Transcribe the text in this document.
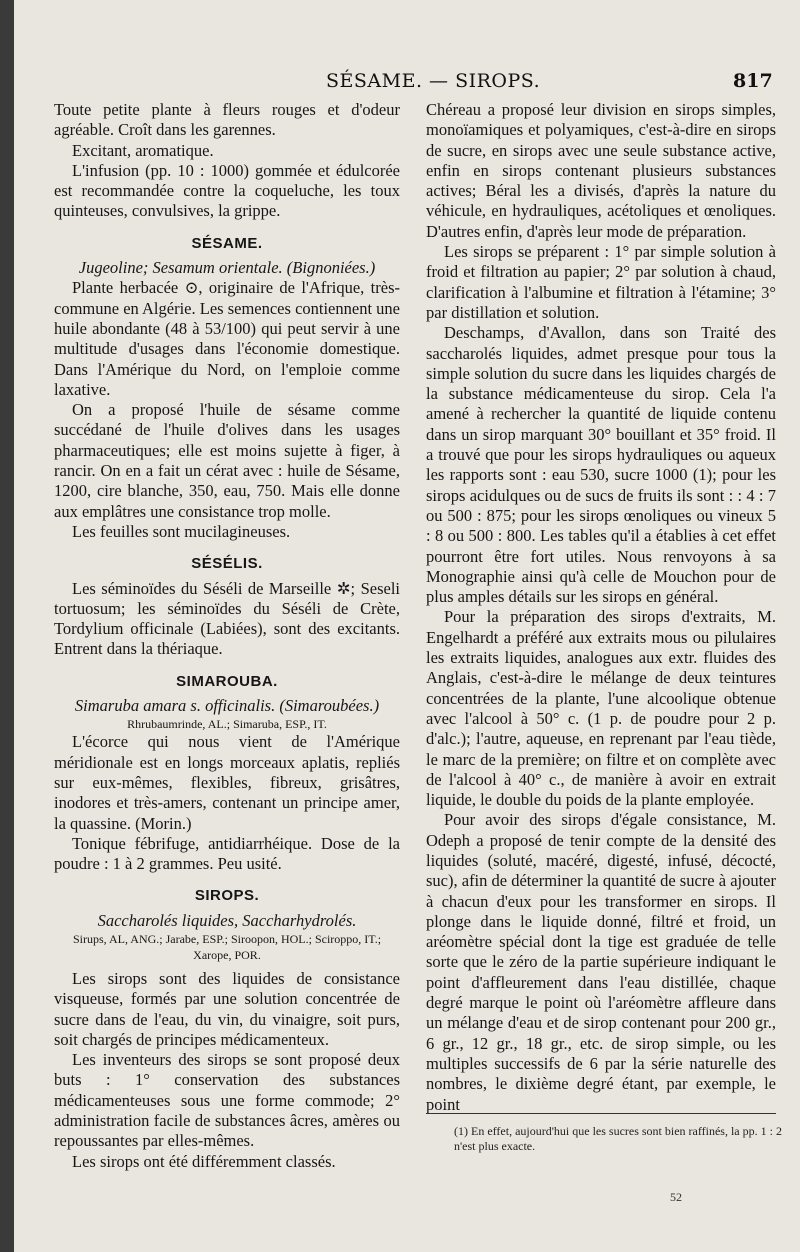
SÉSAME. — SIROPS.	817

Toute petite plante à fleurs rouges et d'odeur agréable. Croît dans les garennes.

Excitant, aromatique.

L'infusion (pp. 10 : 1000) gommée et édulcorée est recommandée contre la coqueluche, les toux quinteuses, convulsives, la grippe.

SÉSAME.

Jugeoline; Sesamum orientale. (Bignoniées.)

Plante herbacée ⊙, originaire de l'Afrique, très-commune en Algérie. Les semences contiennent une huile abondante (48 à 53/100) qui peut servir à une multitude d'usages dans l'économie domestique. Dans l'Amérique du Nord, on l'emploie comme laxative.

On a proposé l'huile de sésame comme succédané de l'huile d'olives dans les usages pharmaceutiques; elle est moins sujette à figer, à rancir. On en a fait un cérat avec : huile de Sésame, 1200, cire blanche, 350, eau, 750. Mais elle donne aux emplâtres une consistance trop molle.

Les feuilles sont mucilagineuses.

SÉSÉLIS.

Les séminoïdes du Séséli de Marseille ✲; Seseli tortuosum; les séminoïdes du Séséli de Crète, Tordylium officinale (Labiées), sont des excitants. Entrent dans la thériaque.

SIMAROUBA.

Simaruba amara s. officinalis. (Simaroubées.)

Rhrubaumrinde, AL.; Simaruba, ESP., IT.

L'écorce qui nous vient de l'Amérique méridionale est en longs morceaux aplatis, repliés sur eux-mêmes, flexibles, fibreux, grisâtres, inodores et très-amers, contenant un principe amer, la quassine. (Morin.)

Tonique fébrifuge, antidiarrhéique. Dose de la poudre : 1 à 2 grammes. Peu usité.

SIROPS.

Saccharolés liquides, Saccharhydrolés.

Sirups, AL, ANG.; Jarabe, ESP.; Siroopon, HOL.; Sciroppo, IT.; Xarope, POR.

Les sirops sont des liquides de consistance visqueuse, formés par une solution concentrée de sucre dans de l'eau, du vin, du vinaigre, soit purs, soit chargés de principes médicamenteux.

Les inventeurs des sirops se sont proposé deux buts : 1° conservation des substances médicamenteuses sous une forme commode; 2° administration facile de substances âcres, amères ou repoussantes par elles-mêmes.

Les sirops ont été différemment classés.

Chéreau a proposé leur division en sirops simples, monoïamiques et polyamiques, c'est-à-dire en sirops de sucre, en sirops avec une seule substance active, enfin en sirops contenant plusieurs substances actives; Béral les a divisés, d'après la nature du véhicule, en hydrauliques, acétoliques et œnoliques. D'autres enfin, d'après leur mode de préparation.

Les sirops se préparent : 1° par simple solution à froid et filtration au papier; 2° par solution à chaud, clarification à l'albumine et filtration à l'étamine; 3° par distillation et solution.

Deschamps, d'Avallon, dans son Traité des saccharolés liquides, admet presque pour tous la simple solution du sucre dans les liquides chargés de la substance médicamenteuse du sirop. Cela l'a amené à rechercher la quantité de liquide contenu dans un sirop marquant 30° bouillant et 35° froid. Il a trouvé que pour les sirops hydrauliques ou aqueux les rapports sont : eau 530, sucre 1000 (1); pour les sirops acidulques ou de sucs de fruits ils sont : : 4 : 7 ou 500 : 875; pour les sirops œnoliques ou vineux 5 : 8 ou 500 : 800. Les tables qu'il a établies à cet effet pourront être fort utiles. Nous renvoyons à sa Monographie ainsi qu'à celle de Mouchon pour de plus amples détails sur les sirops en général.

Pour la préparation des sirops d'extraits, M. Engelhardt a préféré aux extraits mous ou pilulaires les extraits liquides, analogues aux extr. fluides des Anglais, c'est-à-dire le mélange de deux teintures concentrées de la plante, l'une alcoolique obtenue avec l'alcool à 50° c. (1 p. de poudre pour 2 p. d'alc.); l'autre, aqueuse, en reprenant par l'eau tiède, le marc de la première; on filtre et on complète avec de l'alcool à 40° c., de manière à avoir en extrait liquide, le double du poids de la plante employée.

Pour avoir des sirops d'égale consistance, M. Odeph a proposé de tenir compte de la densité des liquides (soluté, macéré, digesté, infusé, décocté, suc), afin de déterminer la quantité de sucre à ajouter à chacun d'eux pour les transformer en sirops. Il plonge dans le liquide donné, filtré et froid, un aréomètre spécial dont la tige est graduée de telle sorte que le zéro de la partie supérieure indiquant le point d'affleurement dans l'eau distillée, chaque degré marque le point où l'aréomètre affleure dans un mélange d'eau et de sirop contenant pour 200 gr., 6 gr., 12 gr., 18 gr., etc. de sirop simple, ou les multiples successifs de 6 par la série naturelle des nombres, le dixième degré étant, par exemple, le point

(1) En effet, aujourd'hui que les sucres sont bien raffinés, la pp. 1 : 2 n'est plus exacte.
52
